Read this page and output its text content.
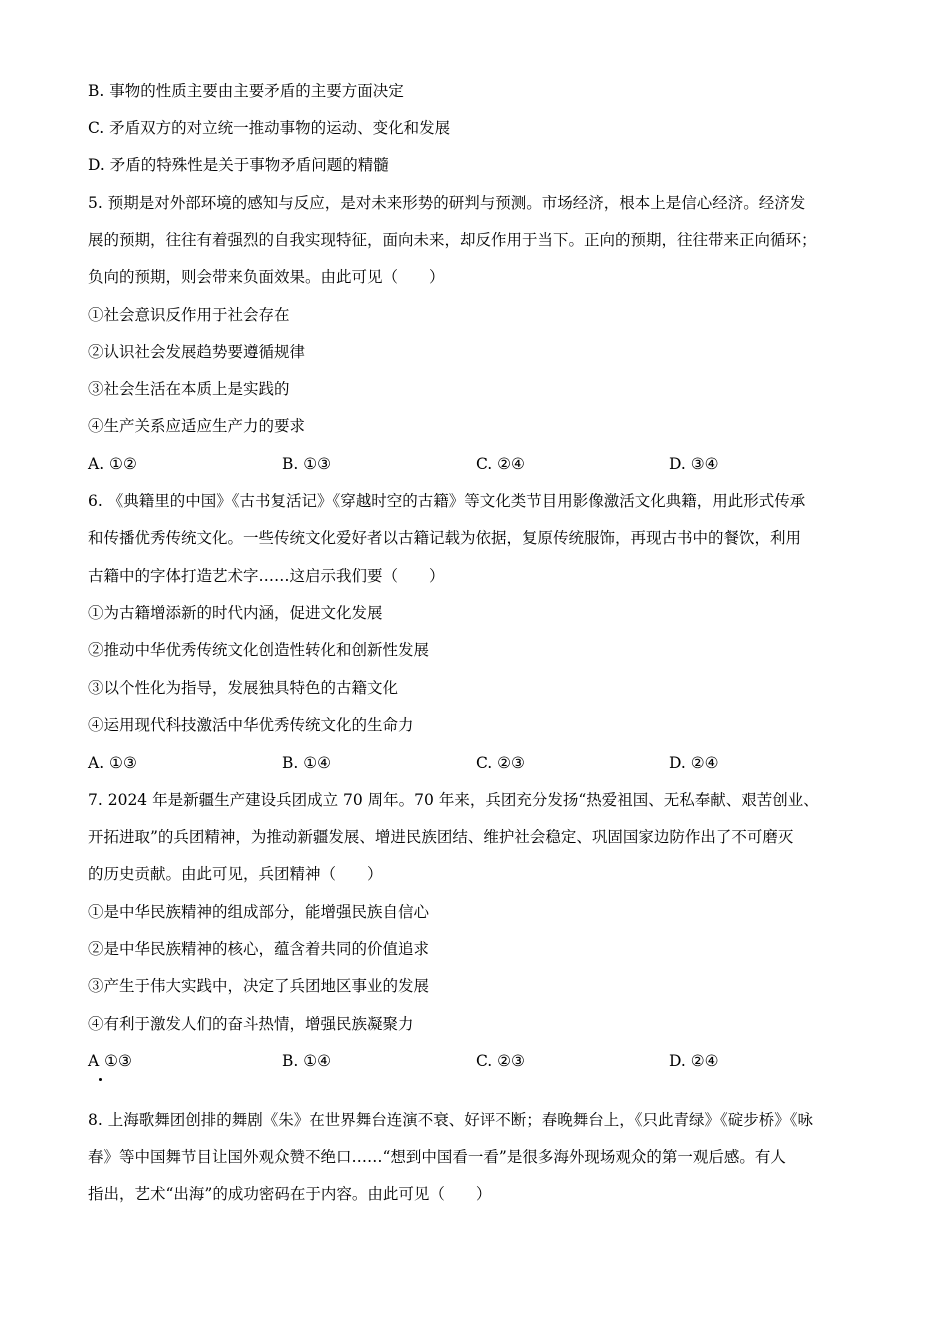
B. 事物的性质主要由主要矛盾的主要方面决定
C. 矛盾双方的对立统一推动事物的运动、变化和发展
D. 矛盾的特殊性是关于事物矛盾问题的精髓
5. 预期是对外部环境的感知与反应，是对未来形势的研判与预测。市场经济，根本上是信心经济。经济发
展的预期，往往有着强烈的自我实现特征，面向未来，却反作用于当下。正向的预期，往往带来正向循环；
负向的预期，则会带来负面效果。由此可见（　　）
①社会意识反作用于社会存在
②认识社会发展趋势要遵循规律
③社会生活在本质上是实践的
④生产关系应适应生产力的要求
A. ①②	B. ①③	C. ②④	D. ③④
6. 《典籍里的中国》《古书复活记》《穿越时空的古籍》等文化类节目用影像激活文化典籍，用此形式传承
和传播优秀传统文化。一些传统文化爱好者以古籍记载为依据，复原传统服饰，再现古书中的餐饮，利用
古籍中的字体打造艺术字……这启示我们要（　　）
①为古籍增添新的时代内涵，促进文化发展
②推动中华优秀传统文化创造性转化和创新性发展
③以个性化为指导，发展独具特色的古籍文化
④运用现代科技激活中华优秀传统文化的生命力
A. ①③	B. ①④	C. ②③	D. ②④
7. 2024 年是新疆生产建设兵团成立 70 周年。70 年来，兵团充分发扬“热爱祖国、无私奉献、艰苦创业、
开拓进取”的兵团精神，为推动新疆发展、增进民族团结、维护社会稳定、巩固国家边防作出了不可磨灭
的历史贡献。由此可见，兵团精神（　　）
①是中华民族精神的组成部分，能增强民族自信心
②是中华民族精神的核心，蕴含着共同的价值追求
③产生于伟大实践中，决定了兵团地区事业的发展
④有利于激发人们的奋斗热情，增强民族凝聚力
A ①③	B. ①④	C. ②③	D. ②④
8. 上海歌舞团创排的舞剧《朱》在世界舞台连演不衰、好评不断；春晚舞台上，《只此青绿》《碇步桥》《咏
春》等中国舞节目让国外观众赞不绝口……“想到中国看一看”是很多海外现场观众的第一观后感。有人
指出，艺术“出海”的成功密码在于内容。由此可见（　　）
